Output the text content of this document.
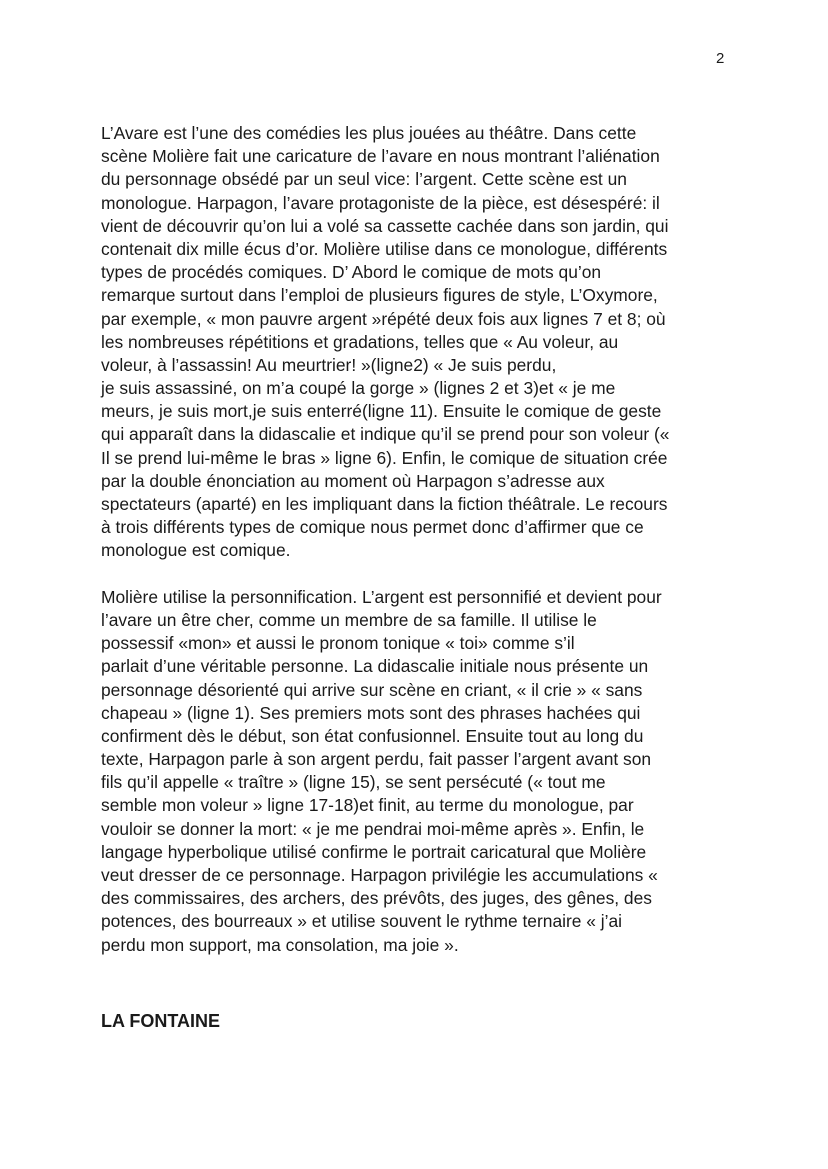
2
L’Avare est l’une des comédies les plus jouées au théâtre. Dans cette
scène Molière fait une caricature de l’avare en nous montrant l’aliénation
du personnage obsédé par un seul vice: l’argent. Cette scène est un
monologue. Harpagon, l’avare protagoniste de la pièce, est désespéré: il
vient de découvrir qu’on lui a volé sa cassette cachée dans son jardin, qui
contenait dix mille écus d’or. Molière utilise dans ce monologue, différents
types de procédés comiques. D’ Abord le comique de mots qu’on
remarque surtout dans l’emploi de plusieurs figures de style, L’Oxymore,
par exemple, « mon pauvre argent »répété deux fois aux lignes 7 et 8; où
les nombreuses répétitions et gradations, telles que « Au voleur, au
voleur, à l’assassin! Au meurtrier! »(ligne2) « Je suis perdu,
je suis assassiné, on m’a coupé la gorge » (lignes 2 et 3)et « je me
meurs, je suis mort,je suis enterré(ligne 11). Ensuite le comique de geste
qui apparaît dans la didascalie et indique qu’il se prend pour son voleur («
Il se prend lui-même le bras » ligne 6). Enfin, le comique de situation crée
par la double énonciation au moment où Harpagon s’adresse aux
spectateurs (aparté) en les impliquant dans la fiction théâtrale. Le recours
à trois différents types de comique nous permet donc d’affirmer que ce
monologue est comique.
Molière utilise la personnification. L’argent est personnifié et devient pour
l’avare un être cher, comme un membre de sa famille. Il utilise le
possessif «mon» et aussi le pronom tonique « toi» comme s’il
parlait d’une véritable personne. La didascalie initiale nous présente un
personnage désorienté qui arrive sur scène en criant, « il crie » « sans
chapeau » (ligne 1). Ses premiers mots sont des phrases hachées qui
confirment dès le début, son état confusionnel. Ensuite tout au long du
texte, Harpagon parle à son argent perdu, fait passer l’argent avant son
fils qu’il appelle « traître » (ligne 15), se sent persécuté (« tout me
semble mon voleur » ligne 17-18)et finit, au terme du monologue, par
vouloir se donner la mort: « je me pendrai moi-même après ». Enfin, le
langage hyperbolique utilisé confirme le portrait caricatural que Molière
veut dresser de ce personnage. Harpagon privilégie les accumulations «
des commissaires, des archers, des prévôts, des juges, des gênes, des
potences, des bourreaux » et utilise souvent le rythme ternaire « j’ai
perdu mon support, ma consolation, ma joie ».
LA FONTAINE
